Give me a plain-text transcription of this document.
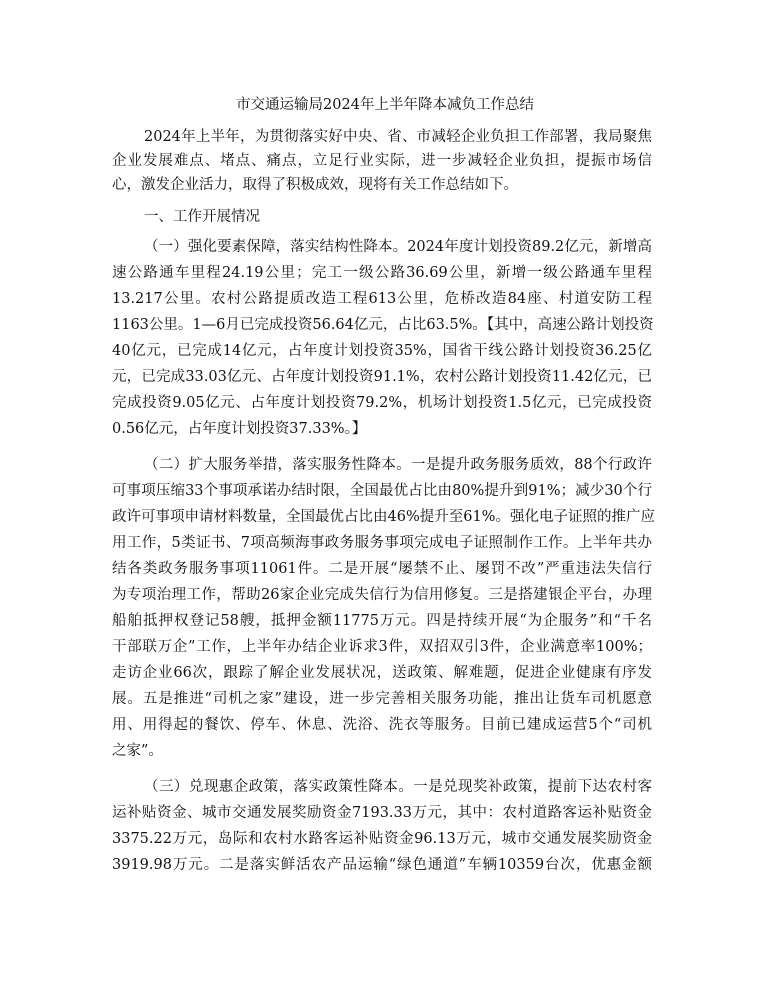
市交通运输局2024年上半年降本减负工作总结
2024年上半年，为贯彻落实好中央、省、市减轻企业负担工作部署，我局聚焦
企业发展难点、堵点、痛点，立足行业实际，进一步减轻企业负担，提振市场信
心，激发企业活力，取得了积极成效，现将有关工作总结如下。
一、工作开展情况
（一）强化要素保障，落实结构性降本。2024年度计划投资89.2亿元，新增高
速公路通车里程24.19公里；完工一级公路36.69公里，新增一级公路通车里程
13.217公里。农村公路提质改造工程613公里，危桥改造84座、村道安防工程
1163公里。1—6月已完成投资56.64亿元，占比63.5%。【其中，高速公路计划投资
40亿元，已完成14亿元，占年度计划投资35%，国省干线公路计划投资36.25亿
元，已完成33.03亿元、占年度计划投资91.1%，农村公路计划投资11.42亿元，已
完成投资9.05亿元、占年度计划投资79.2%，机场计划投资1.5亿元，已完成投资
0.56亿元，占年度计划投资37.33%。】
（二）扩大服务举措，落实服务性降本。一是提升政务服务质效，88个行政许
可事项压缩33个事项承诺办结时限，全国最优占比由80%提升到91%；减少30个行
政许可事项申请材料数量，全国最优占比由46%提升至61%。强化电子证照的推广应
用工作，5类证书、7项高频海事政务服务事项完成电子证照制作工作。上半年共办
结各类政务服务事项11061件。二是开展“屡禁不止、屡罚不改”严重违法失信行
为专项治理工作，帮助26家企业完成失信行为信用修复。三是搭建银企平台，办理
船舶抵押权登记58艘，抵押金额11775万元。四是持续开展“为企服务”和“千名
干部联万企”工作，上半年办结企业诉求3件，双招双引3件，企业满意率100%；
走访企业66次，跟踪了解企业发展状况，送政策、解难题，促进企业健康有序发
展。五是推进“司机之家”建设，进一步完善相关服务功能，推出让货车司机愿意
用、用得起的餐饮、停车、休息、洗浴、洗衣等服务。目前已建成运营5个“司机
之家”。
（三）兑现惠企政策，落实政策性降本。一是兑现奖补政策，提前下达农村客
运补贴资金、城市交通发展奖励资金7193.33万元，其中：农村道路客运补贴资金
3375.22万元，岛际和农村水路客运补贴资金96.13万元，城市交通发展奖励资金
3919.98万元。二是落实鲜活农产品运输“绿色通道”车辆10359台次，优惠金额
